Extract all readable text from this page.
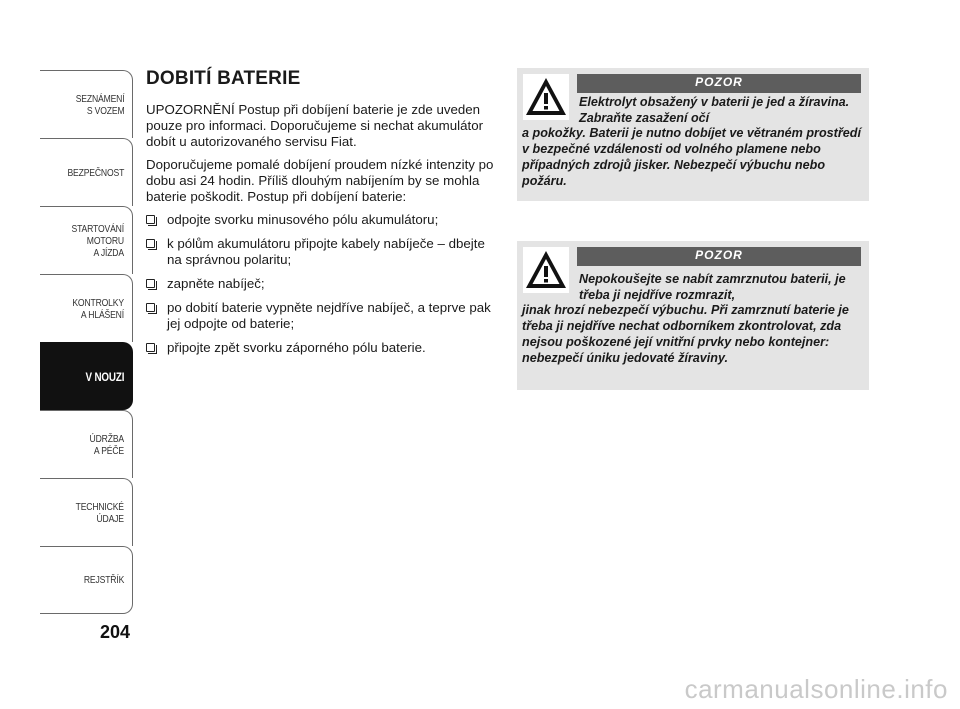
SEZNÁMENÍ
S VOZEM
BEZPEČNOST
STARTOVÁNÍ
MOTORU
A JÍZDA
KONTROLKY
A HLÁŠENÍ
V NOUZI
ÚDRŽBA
A PÉČE
TECHNICKÉ
ÚDAJE
REJSTŘÍK
204
DOBITÍ BATERIE

UPOZORNĚNÍ Postup při dobíjení baterie je zde uveden pouze pro informaci. Doporučujeme si nechat akumulátor dobít u autorizovaného servisu Fiat.

Doporučujeme pomalé dobíjení proudem nízké intenzity po dobu asi 24 hodin. Příliš dlouhým nabíjením by se mohla baterie poškodit. Postup při dobíjení baterie:

odpojte svorku minusového pólu akumulátoru;
k pólům akumulátoru připojte kabely nabíječe – dbejte na správnou polaritu;
zapněte nabíječ;
po dobití baterie vypněte nejdříve nabíječ, a teprve pak jej odpojte od baterie;
připojte zpět svorku záporného pólu baterie.
POZOR
Elektrolyt obsažený v baterii je jed a žíravina. Zabraňte zasažení očí
a pokožky. Baterii je nutno dobíjet ve větraném prostředí v bezpečné vzdálenosti od volného plamene nebo případných zdrojů jisker. Nebezpečí výbuchu nebo požáru.
POZOR
Nepokoušejte se nabít zamrznutou baterii, je třeba ji nejdříve rozmrazit,
jinak hrozí nebezpečí výbuchu. Při zamrznutí baterie je třeba ji nejdříve nechat odborníkem zkontrolovat, zda nejsou poškozené její vnitřní prvky nebo kontejner: nebezpečí úniku jedovaté žíraviny.
carmanualsonline.info
